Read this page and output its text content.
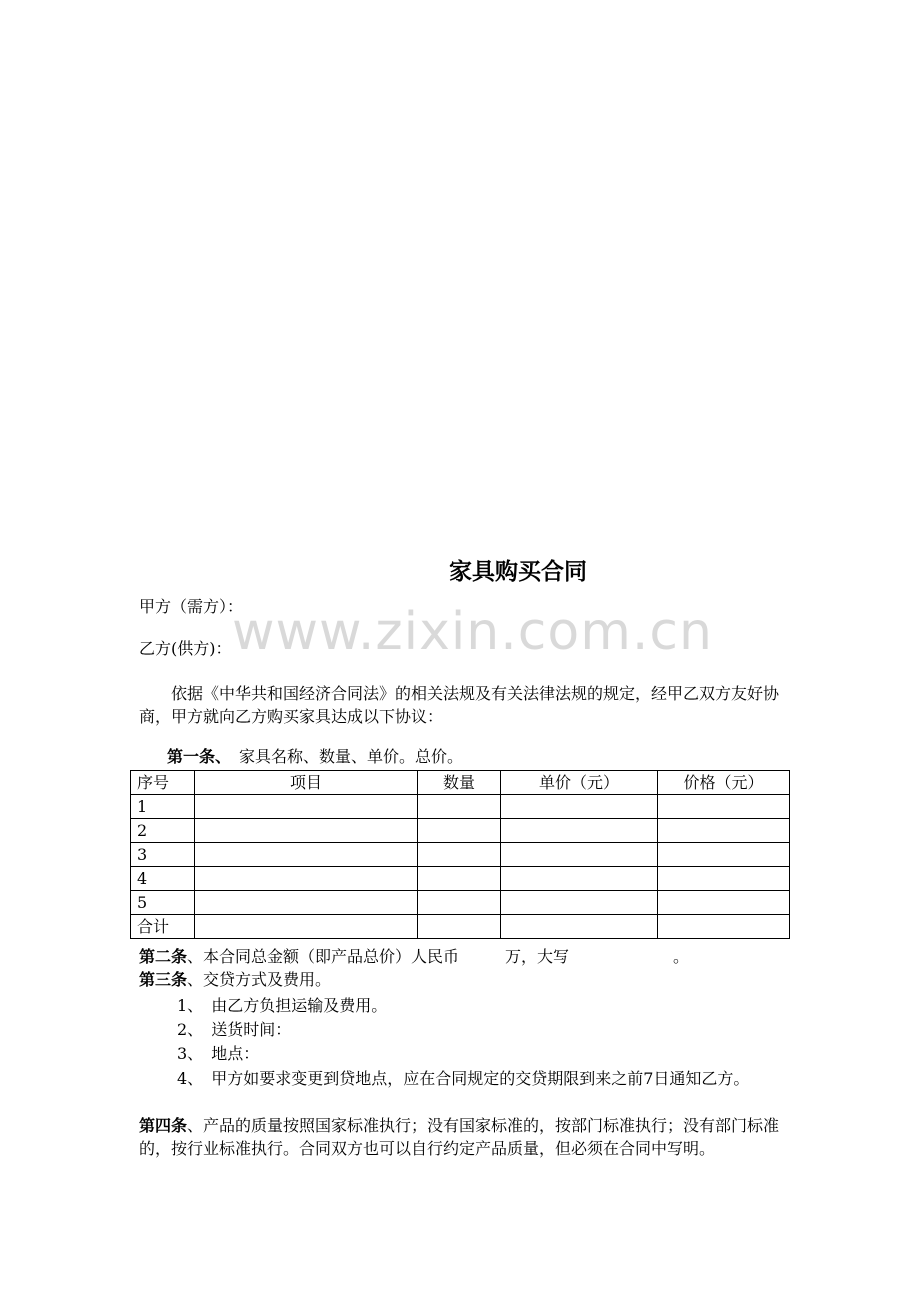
www.zixin.com.cn
家具购买合同
甲方（需方）：
乙方(供方)：
依据《中华共和国经济合同法》的相关法规及有关法律法规的规定，经甲乙双方友好协商，甲方就向乙方购买家具达成以下协议：
第一条、 家具名称、数量、单价。总价。
序号	项目	数量	单价（元）	价格（元）
1				
2				
3				
4				
5				
合计				
第二条、本合同总金额（即产品总价）人民币	万，大写	。
第三条、交贷方式及费用。
1、 由乙方负担运输及费用。
2、 送货时间：
3、 地点：
4、 甲方如要求变更到贷地点，应在合同规定的交贷期限到来之前7日通知乙方。
第四条、产品的质量按照国家标准执行；没有国家标准的，按部门标准执行；没有部门标准的，按行业标准执行。合同双方也可以自行约定产品质量，但必须在合同中写明。
